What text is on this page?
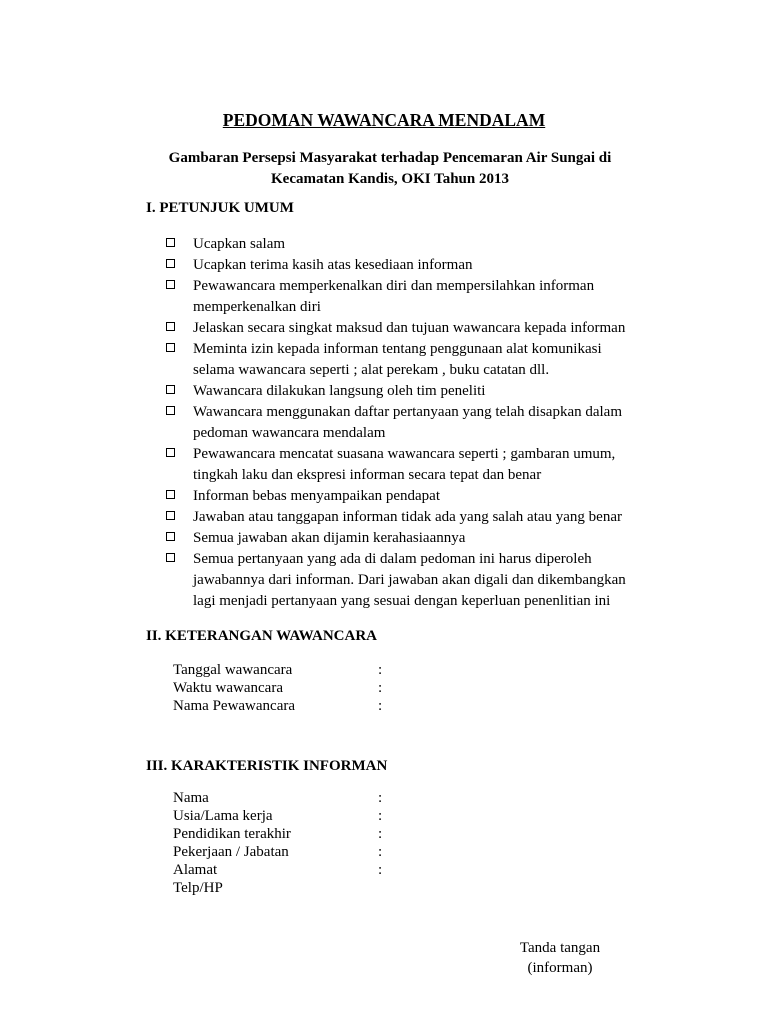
PEDOMAN WAWANCARA MENDALAM
Gambaran Persepsi Masyarakat terhadap Pencemaran Air Sungai di
Kecamatan Kandis, OKI Tahun 2013
I. PETUNJUK UMUM
Ucapkan salam
Ucapkan terima kasih atas kesediaan informan
Pewawancara memperkenalkan diri dan mempersilahkan informan
memperkenalkan diri
Jelaskan secara singkat maksud dan tujuan wawancara kepada informan
Meminta izin kepada informan tentang penggunaan alat komunikasi
selama wawancara seperti ; alat perekam , buku catatan dll.
Wawancara dilakukan langsung oleh tim peneliti
Wawancara menggunakan daftar pertanyaan yang telah disapkan dalam
pedoman wawancara mendalam
Pewawancara mencatat suasana wawancara seperti ; gambaran umum,
tingkah laku dan ekspresi informan secara tepat dan benar
Informan bebas menyampaikan pendapat
Jawaban atau tanggapan informan tidak ada yang salah atau yang benar
Semua jawaban akan dijamin kerahasiaannya
Semua pertanyaan yang ada di dalam pedoman ini harus diperoleh
jawabannya dari informan. Dari jawaban akan digali dan dikembangkan
lagi menjadi pertanyaan yang sesuai dengan keperluan penenlitian ini
II. KETERANGAN WAWANCARA
Tanggal wawancara	:
Waktu wawancara	:
Nama Pewawancara	:
III. KARAKTERISTIK INFORMAN
Nama	:
Usia/Lama kerja	:
Pendidikan terakhir	:
Pekerjaan / Jabatan	:
Alamat	:
Telp/HP
Tanda tangan
(informan)
